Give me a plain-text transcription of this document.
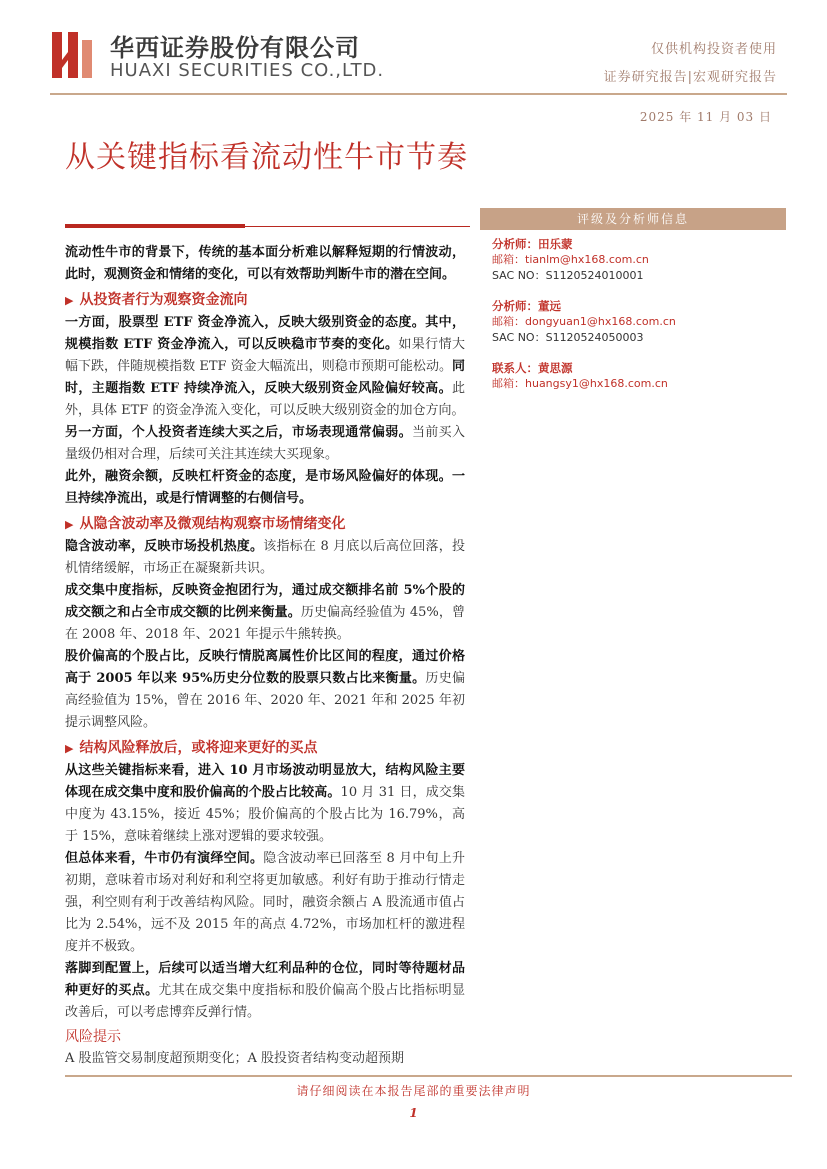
华西证券股份有限公司
HUAXI SECURITIES CO.,LTD.
仅供机构投资者使用
证券研究报告|宏观研究报告
2025 年 11 月 03 日
从关键指标看流动性牛市节奏

流动性牛市的背景下，传统的基本面分析难以解释短期的行情波动，此时，观测资金和情绪的变化，可以有效帮助判断牛市的潜在空间。

▶ 从投资者行为观察资金流向

一方面，股票型 ETF 资金净流入，反映大级别资金的态度。其中，规模指数 ETF 资金净流入，可以反映稳市节奏的变化。如果行情大幅下跌，伴随规模指数 ETF 资金大幅流出，则稳市预期可能松动。同时，主题指数 ETF 持续净流入，反映大级别资金风险偏好较高。此外，具体 ETF 的资金净流入变化，可以反映大级别资金的加仓方向。

另一方面，个人投资者连续大买之后，市场表现通常偏弱。当前买入量级仍相对合理，后续可关注其连续大买现象。

此外，融资余额，反映杠杆资金的态度，是市场风险偏好的体现。一旦持续净流出，或是行情调整的右侧信号。

▶ 从隐含波动率及微观结构观察市场情绪变化

隐含波动率，反映市场投机热度。该指标在 8 月底以后高位回落，投机情绪缓解，市场正在凝聚新共识。

成交集中度指标，反映资金抱团行为，通过成交额排名前 5%个股的成交额之和占全市成交额的比例来衡量。历史偏高经验值为 45%，曾在 2008 年、2018 年、2021 年提示牛熊转换。

股价偏高的个股占比，反映行情脱离属性价比区间的程度，通过价格高于 2005 年以来 95%历史分位数的股票只数占比来衡量。历史偏高经验值为 15%，曾在 2016 年、2020 年、2021 年和 2025 年初提示调整风险。

▶ 结构风险释放后，或将迎来更好的买点

从这些关键指标来看，进入 10 月市场波动明显放大，结构风险主要体现在成交集中度和股价偏高的个股占比较高。10 月 31 日，成交集中度为 43.15%，接近 45%；股价偏高的个股占比为 16.79%，高于 15%，意味着继续上涨对逻辑的要求较强。

但总体来看，牛市仍有演绎空间。隐含波动率已回落至 8 月中旬上升初期，意味着市场对利好和利空将更加敏感。利好有助于推动行情走强，利空则有利于改善结构风险。同时，融资余额占 A 股流通市值占比为 2.54%，远不及 2015 年的高点 4.72%，市场加杠杆的激进程度并不极致。

落脚到配置上，后续可以适当增大红利品种的仓位，同时等待题材品种更好的买点。尤其在成交集中度指标和股价偏高个股占比指标明显改善后，可以考虑博弈反弹行情。

风险提示

A 股监管交易制度超预期变化；A 股投资者结构变动超预期

评级及分析师信息
分析师：田乐蒙
邮箱：tianlm@hx168.com.cn
SAC NO：S1120524010001
分析师：董远
邮箱：dongyuan1@hx168.com.cn
SAC NO：S1120524050003
联系人：黄思源
邮箱：huangsy1@hx168.com.cn
请仔细阅读在本报告尾部的重要法律声明
1
